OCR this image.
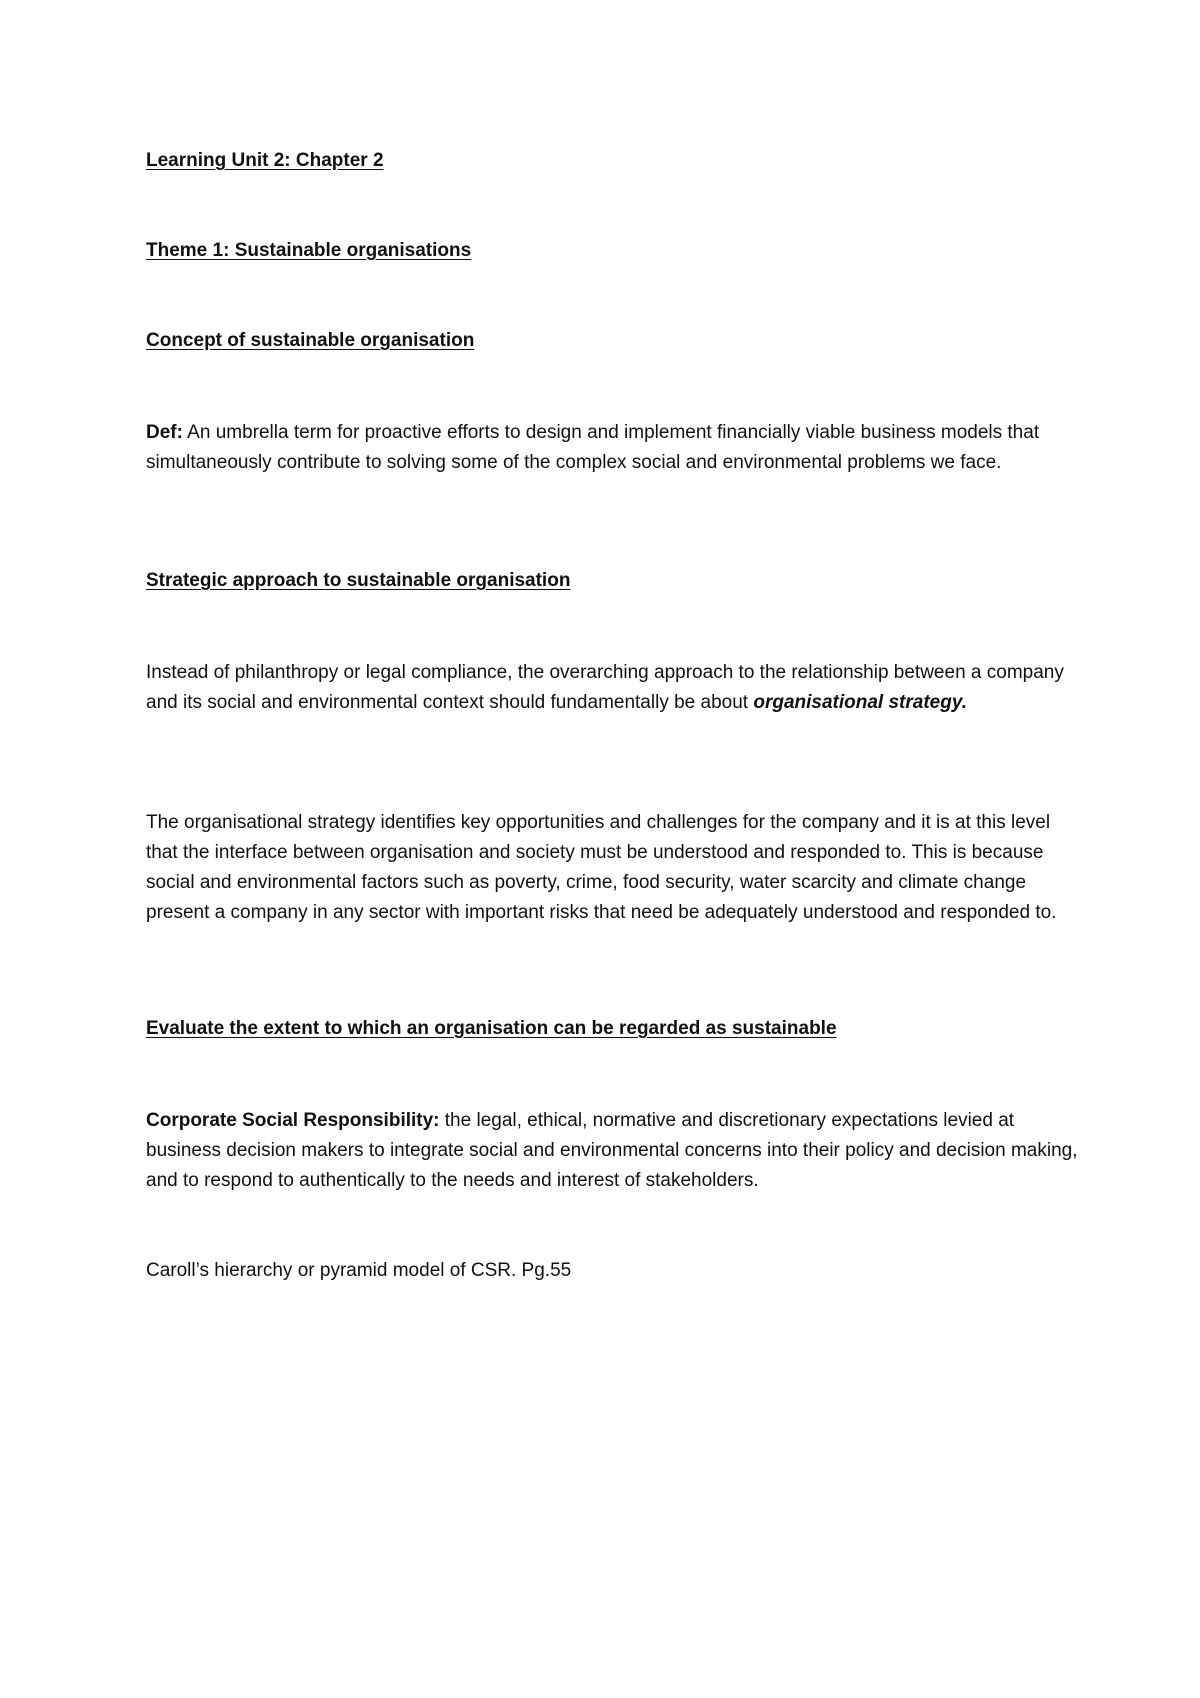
Learning Unit 2: Chapter 2

Theme 1: Sustainable organisations

Concept of sustainable organisation

Def: An umbrella term for proactive efforts to design and implement financially viable business models that simultaneously contribute to solving some of the complex social and environmental problems we face.

Strategic approach to sustainable organisation

Instead of philanthropy or legal compliance, the overarching approach to the relationship between a company and its social and environmental context should fundamentally be about organisational strategy.

The organisational strategy identifies key opportunities and challenges for the company and it is at this level that the interface between organisation and society must be understood and responded to. This is because social and environmental factors such as poverty, crime, food security, water scarcity and climate change present a company in any sector with important risks that need be adequately understood and responded to.

Evaluate the extent to which an organisation can be regarded as sustainable

Corporate Social Responsibility: the legal, ethical, normative and discretionary expectations levied at business decision makers to integrate social and environmental concerns into their policy and decision making, and to respond to authentically to the needs and interest of stakeholders.

Caroll’s hierarchy or pyramid model of CSR. Pg.55
